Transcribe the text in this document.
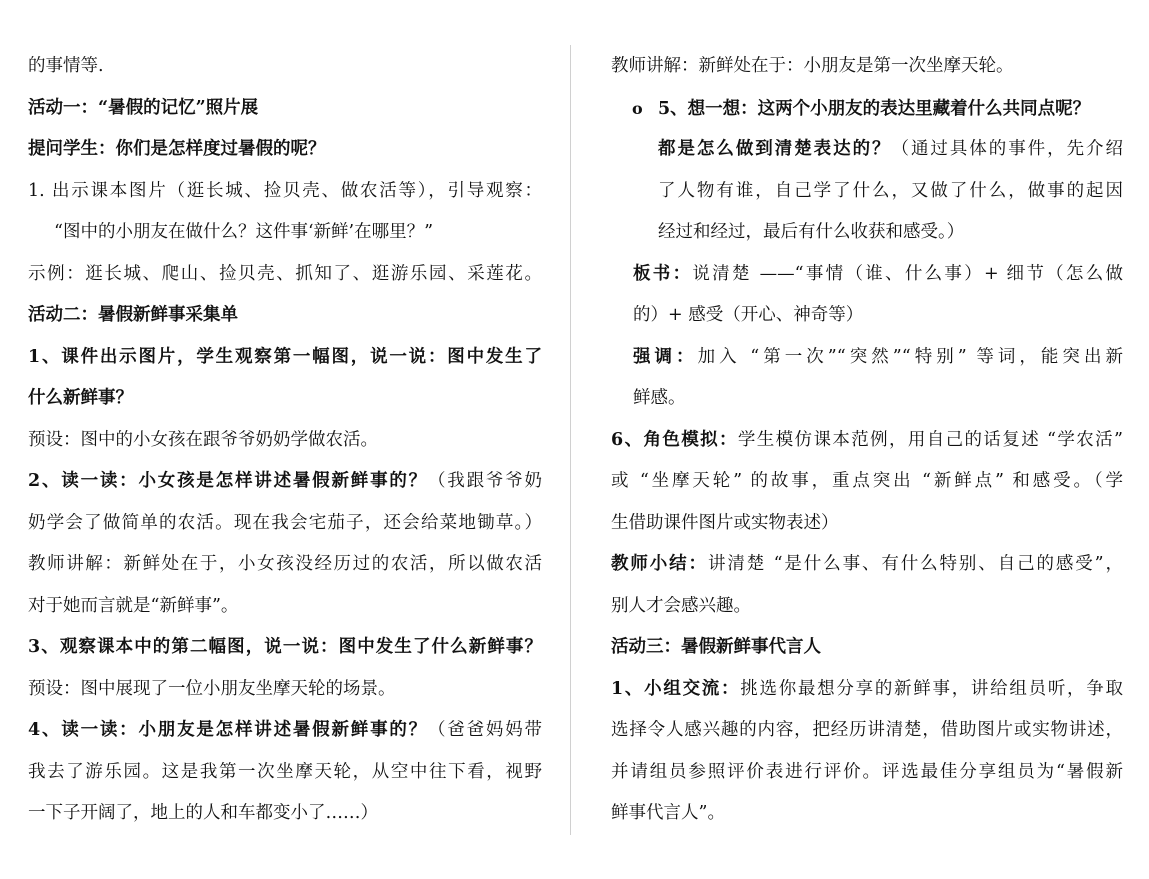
的事情等.
活动一：“暑假的记忆”照片展
提问学生：你们是怎样度过暑假的呢？
1. 出示课本图片（逛长城、捡贝壳、做农活等），引导观察：
“图中的小朋友在做什么？这件事‘新鲜’在哪里？”
示例：逛长城、爬山、捡贝壳、抓知了、逛游乐园、采莲花。
活动二：暑假新鲜事采集单
1、课件出示图片，学生观察第一幅图，说一说：图中发生了
什么新鲜事？
预设：图中的小女孩在跟爷爷奶奶学做农活。
2、读一读：小女孩是怎样讲述暑假新鲜事的？（我跟爷爷奶
奶学会了做简单的农活。现在我会宅茄子，还会给菜地锄草。）
教师讲解：新鲜处在于，小女孩没经历过的农活，所以做农活
对于她而言就是“新鲜事”。
3、观察课本中的第二幅图，说一说：图中发生了什么新鲜事？
预设：图中展现了一位小朋友坐摩天轮的场景。
4、读一读：小朋友是怎样讲述暑假新鲜事的？（爸爸妈妈带
我去了游乐园。这是我第一次坐摩天轮，从空中往下看，视野
一下子开阔了，地上的人和车都变小了……）
教师讲解：新鲜处在于：小朋友是第一次坐摩天轮。
o 5、想一想：这两个小朋友的表达里藏着什么共同点呢？
都是怎么做到清楚表达的？（通过具体的事件，先介绍
了人物有谁，自己学了什么，又做了什么，做事的起因
经过和经过，最后有什么收获和感受。）
板书：说清楚 ——“事情（谁、什么事）+ 细节（怎么做
的）+ 感受（开心、神奇等）
强调：加入 “第一次”“突然”“特别” 等词，能突出新
鲜感。
6、角色模拟：学生模仿课本范例，用自己的话复述 “学农活”
或 “坐摩天轮” 的故事，重点突出 “新鲜点” 和感受。（学
生借助课件图片或实物表述）
教师小结：讲清楚 “是什么事、有什么特别、自己的感受”，
别人才会感兴趣。
活动三：暑假新鲜事代言人
1、小组交流：挑选你最想分享的新鲜事，讲给组员听，争取
选择令人感兴趣的内容，把经历讲清楚，借助图片或实物讲述，
并请组员参照评价表进行评价。评选最佳分享组员为“暑假新
鲜事代言人”。
